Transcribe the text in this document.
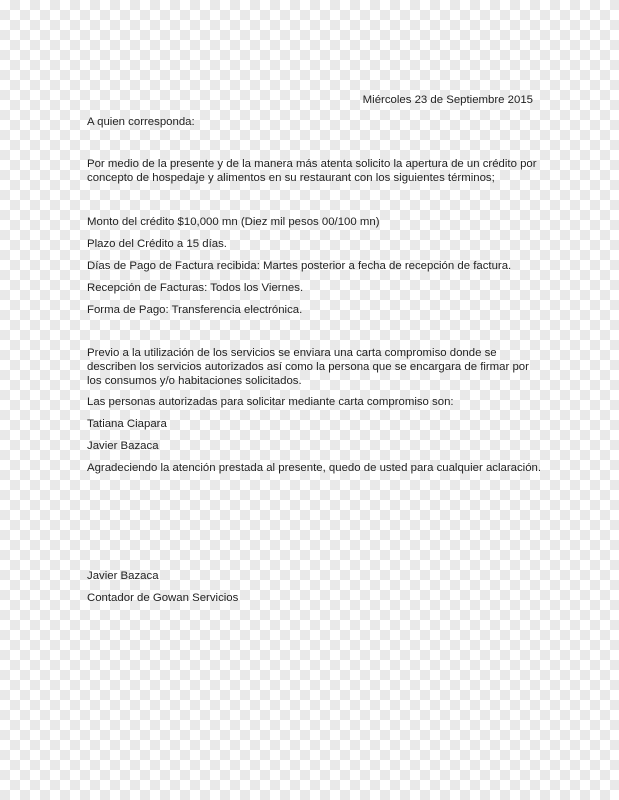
Miércoles 23 de Septiembre 2015

A quien corresponda:

Por medio de la presente y de la manera más atenta solicito la apertura de un crédito por

concepto de hospedaje y alimentos en su restaurant con los siguientes términos;

Monto del crédito $10,000 mn (Diez mil pesos 00/100 mn)

Plazo del Crédito a 15 días.

Días de Pago de Factura recibida: Martes posterior a fecha de recepción de factura.

Recepción de Facturas: Todos los Viernes.

Forma de Pago: Transferencia electrónica.

Previo a la utilización de los servicios se enviara una carta compromiso donde se

describen los servicios autorizados así como la persona que se encargara de firmar por

los consumos y/o habitaciones solicitados.

Las personas autorizadas para solicitar mediante carta compromiso son:

Tatiana Ciapara

Javier Bazaca

Agradeciendo la atención prestada al presente, quedo de usted para cualquier aclaración.

Javier Bazaca

Contador de Gowan Servicios
